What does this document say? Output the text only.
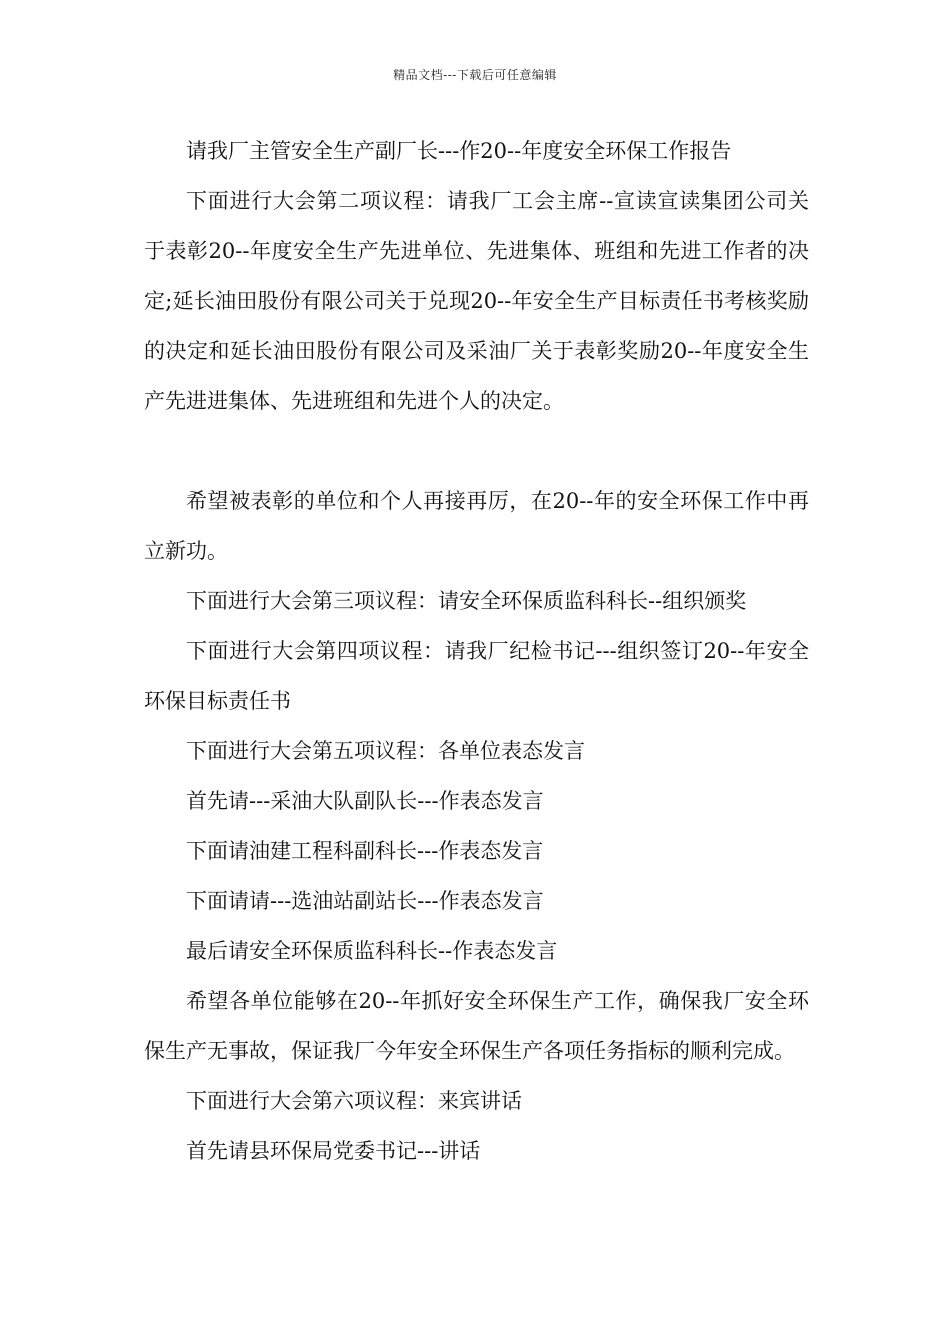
精品文档---下载后可任意编辑

请我厂主管安全生产副厂长---作20--年度安全环保工作报告

下面进行大会第二项议程：请我厂工会主席--宣读宣读集团公司关于表彰20--年度安全生产先进单位、先进集体、班组和先进工作者的决定;延长油田股份有限公司关于兑现20--年安全生产目标责任书考核奖励的决定和延长油田股份有限公司及采油厂关于表彰奖励20--年度安全生产先进进集体、先进班组和先进个人的决定。

希望被表彰的单位和个人再接再厉，在20--年的安全环保工作中再立新功。

下面进行大会第三项议程：请安全环保质监科科长--组织颁奖

下面进行大会第四项议程：请我厂纪检书记---组织签订20--年安全环保目标责任书

下面进行大会第五项议程：各单位表态发言

首先请---采油大队副队长---作表态发言

下面请油建工程科副科长---作表态发言

下面请请---选油站副站长---作表态发言

最后请安全环保质监科科长--作表态发言

希望各单位能够在20--年抓好安全环保生产工作，确保我厂安全环保生产无事故，保证我厂今年安全环保生产各项任务指标的顺利完成。

下面进行大会第六项议程：来宾讲话

首先请县环保局党委书记---讲话
